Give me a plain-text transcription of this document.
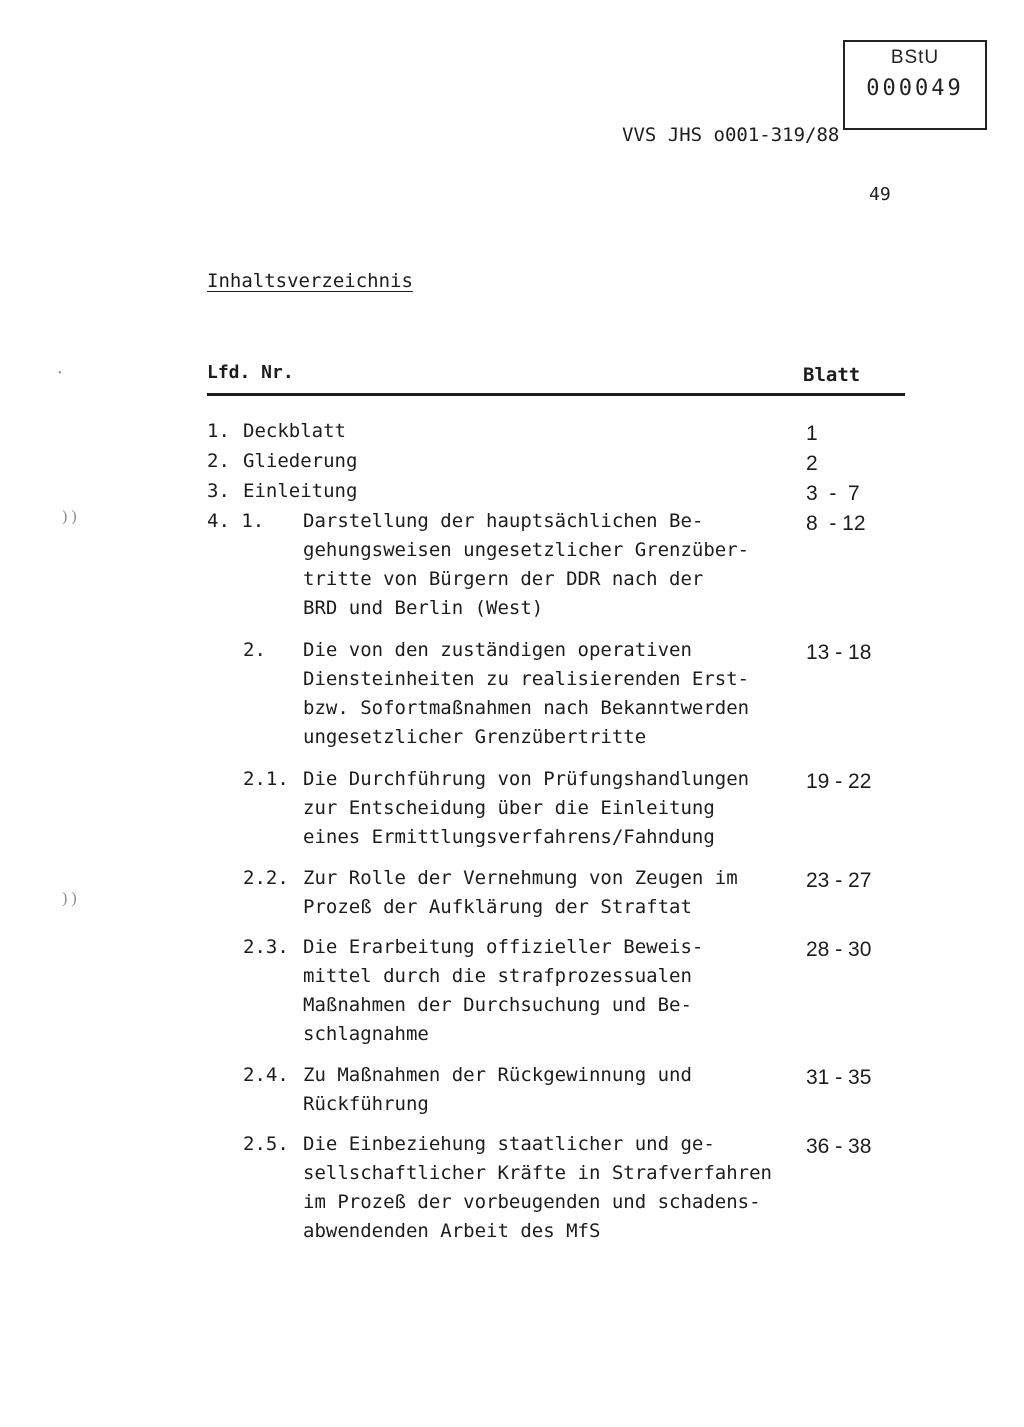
BStU
000049
VVS JHS o001-319/88
49
Inhaltsverzeichnis
Lfd. Nr.	Blatt
1. Deckblatt	1
2. Gliederung	2
3. Einleitung	3  -  7
4. 1. Darstellung der hauptsächlichen Be-
gehungsweisen ungesetzlicher Grenzüber-
tritte von Bürgern der DDR nach der
BRD und Berlin (West)
8  - 12
2. Die von den zuständigen operativen
Diensteinheiten zu realisierenden Erst-
bzw. Sofortmaßnahmen nach Bekanntwerden
ungesetzlicher Grenzübertritte
13 - 18
2.1. Die Durchführung von Prüfungshandlungen
zur Entscheidung über die Einleitung
eines Ermittlungsverfahrens/Fahndung
19 - 22
2.2. Zur Rolle der Vernehmung von Zeugen im
Prozeß der Aufklärung der Straftat
23 - 27
2.3. Die Erarbeitung offizieller Beweis-
mittel durch die strafprozessualen
Maßnahmen der Durchsuchung und Be-
schlagnahme
28 - 30
2.4. Zu Maßnahmen der Rückgewinnung und
Rückführung
31 - 35
2.5. Die Einbeziehung staatlicher und ge-
sellschaftlicher Kräfte in Strafverfahren
im Prozeß der vorbeugenden und schadens-
abwendenden Arbeit des MfS
36 - 38
•
) )
) )
